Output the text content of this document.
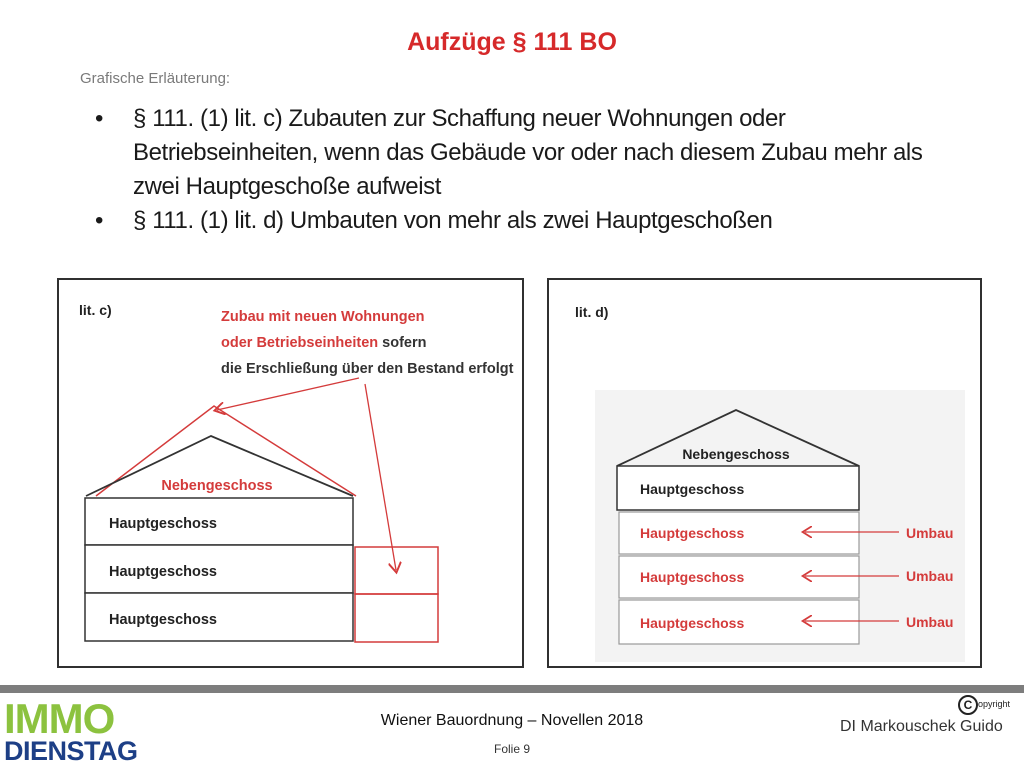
Aufzüge § 111 BO
Grafische Erläuterung:
• § 111. (1) lit. c) Zubauten zur Schaffung neuer Wohnungen oder Betriebseinheiten, wenn das Gebäude vor oder nach diesem Zubau mehr als zwei Hauptgeschoße aufweist
• § 111. (1) lit. d) Umbauten von mehr als zwei Hauptgeschoßen
lit. c)	Zubau mit neuen Wohnungen
oder Betriebseinheiten sofern
die Erschließung über den Bestand erfolgt
Nebengeschoss
Hauptgeschoss
Hauptgeschoss
Hauptgeschoss
lit. d)
Nebengeschoss
Hauptgeschoss
Hauptgeschoss
Hauptgeschoss
Hauptgeschoss
Umbau
Umbau
Umbau
IMMO
DIENSTAG
Wiener Bauordnung – Novellen 2018
Folie 9
C opyright
DI Markouschek Guido
